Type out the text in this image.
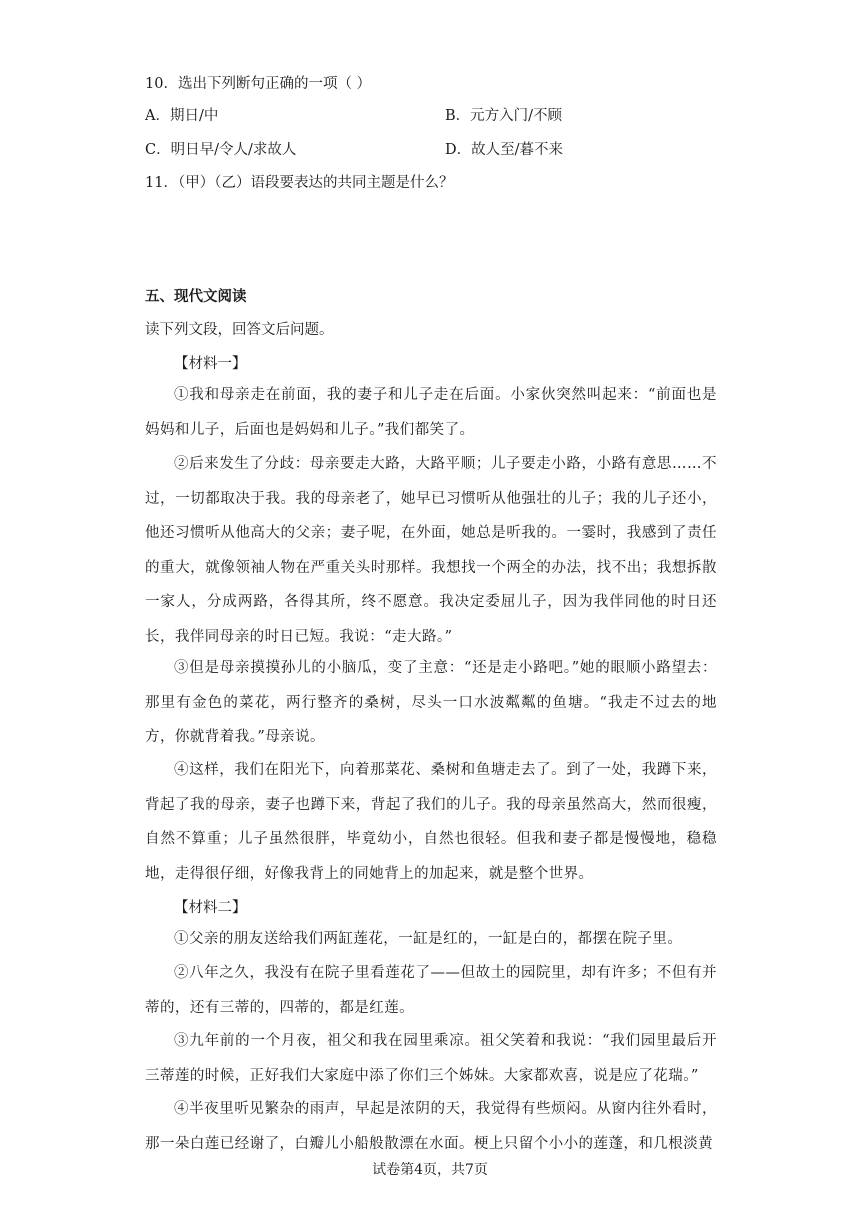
10．选出下列断句正确的一项（ ）
A．期日/中	B．元方入门/不顾
C．明日早/令人/求故人	D．故人至/暮不来
11．（甲）（乙）语段要表达的共同主题是什么？
五、现代文阅读
读下列文段，回答文后问题。
【材料一】
①我和母亲走在前面，我的妻子和儿子走在后面。小家伙突然叫起来：“前面也是妈妈和儿子，后面也是妈妈和儿子。”我们都笑了。
②后来发生了分歧：母亲要走大路，大路平顺；儿子要走小路，小路有意思……不过，一切都取决于我。我的母亲老了，她早已习惯听从他强壮的儿子；我的儿子还小，他还习惯听从他高大的父亲；妻子呢，在外面，她总是听我的。一霎时，我感到了责任的重大，就像领袖人物在严重关头时那样。我想找一个两全的办法，找不出；我想拆散一家人，分成两路，各得其所，终不愿意。我决定委屈儿子，因为我伴同他的时日还长，我伴同母亲的时日已短。我说：“走大路。”
③但是母亲摸摸孙儿的小脑瓜，变了主意：“还是走小路吧。”她的眼顺小路望去：那里有金色的菜花，两行整齐的桑树，尽头一口水波粼粼的鱼塘。“我走不过去的地方，你就背着我。”母亲说。
④这样，我们在阳光下，向着那菜花、桑树和鱼塘走去了。到了一处，我蹲下来，背起了我的母亲，妻子也蹲下来，背起了我们的儿子。我的母亲虽然高大，然而很瘦，自然不算重；儿子虽然很胖，毕竟幼小，自然也很轻。但我和妻子都是慢慢地，稳稳地，走得很仔细，好像我背上的同她背上的加起来，就是整个世界。
【材料二】
①父亲的朋友送给我们两缸莲花，一缸是红的，一缸是白的，都摆在院子里。
②八年之久，我没有在院子里看莲花了——但故土的园院里，却有许多；不但有并蒂的，还有三蒂的，四蒂的，都是红莲。
③九年前的一个月夜，祖父和我在园里乘凉。祖父笑着和我说：“我们园里最后开三蒂莲的时候，正好我们大家庭中添了你们三个姊妹。大家都欢喜，说是应了花瑞。”
④半夜里听见繁杂的雨声，早起是浓阴的天，我觉得有些烦闷。从窗内往外看时，那一朵白莲已经谢了，白瓣儿小船般散漂在水面。梗上只留个小小的莲蓬，和几根淡黄
试卷第4页，共7页
